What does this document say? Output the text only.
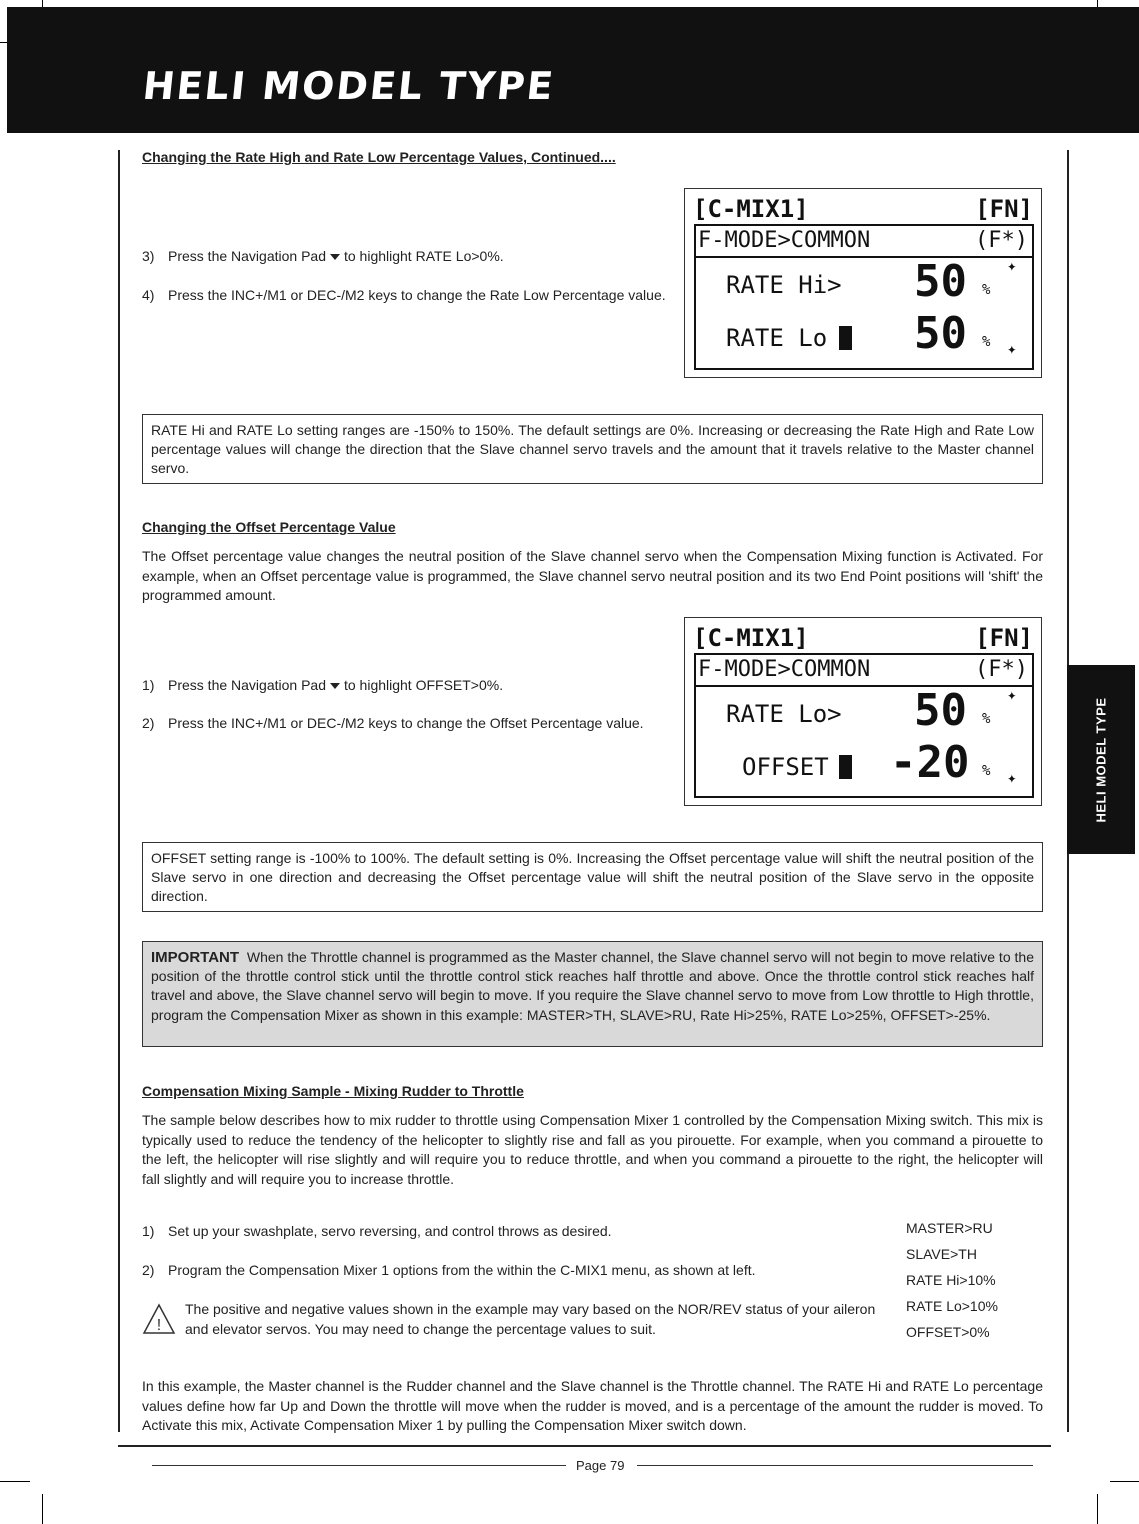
HELI MODEL TYPE
HELI MODEL TYPE
Changing the Rate High and Rate Low Percentage Values, Continued....
3) Press the Navigation Pad to highlight RATE Lo>0%.
4) Press the INC+/M1 or DEC-/M2 keys to change the Rate Low Percentage value.
[C-MIX1]	[FN]
F-MODE>COMMON	(F*)
RATE Hi> 50 %
✦
RATE Lo 50 % ✦
RATE Hi and RATE Lo setting ranges are -150% to 150%. The default settings are 0%. Increasing or decreasing the Rate High and Rate Low percentage values will change the direction that the Slave channel servo travels and the amount that it travels relative to the Master channel servo.
Changing the Offset Percentage Value
The Offset percentage value changes the neutral position of the Slave channel servo when the Compensation Mixing function is Activated. For example, when an Offset percentage value is programmed, the Slave channel servo neutral position and its two End Point positions will 'shift' the programmed amount.
1) Press the Navigation Pad to highlight OFFSET>0%.
2) Press the INC+/M1 or DEC-/M2 keys to change the Offset Percentage value.
[C-MIX1]	[FN]
F-MODE>COMMON	(F*)
RATE Lo> 50 %
✦
OFFSET -20 % ✦
OFFSET setting range is -100% to 100%. The default setting is 0%. Increasing the Offset percentage value will shift the neutral position of the Slave servo in one direction and decreasing the Offset percentage value will shift the neutral position of the Slave servo in the opposite direction.
IMPORTANT When the Throttle channel is programmed as the Master channel, the Slave channel servo will not begin to move relative to the position of the throttle control stick until the throttle control stick reaches half throttle and above. Once the throttle control stick reaches half travel and above, the Slave channel servo will begin to move. If you require the Slave channel servo to move from Low throttle to High throttle, program the Compensation Mixer as shown in this example: MASTER>TH, SLAVE>RU, Rate Hi>25%, RATE Lo>25%, OFFSET>-25%.
Compensation Mixing Sample - Mixing Rudder to Throttle
The sample below describes how to mix rudder to throttle using Compensation Mixer 1 controlled by the Compensation Mixing switch. This mix is typically used to reduce the tendency of the helicopter to slightly rise and fall as you pirouette. For example, when you command a pirouette to the left, the helicopter will rise slightly and will require you to reduce throttle, and when you command a pirouette to the right, the helicopter will fall slightly and will require you to increase throttle.
1) Set up your swashplate, servo reversing, and control throws as desired.
2) Program the Compensation Mixer 1 options from the within the C-MIX1 menu, as shown at left.
!
The positive and negative values shown in the example may vary based on the NOR/REV status of your aileron and elevator servos. You may need to change the percentage values to suit.
MASTER>RU
SLAVE>TH
RATE Hi>10%
RATE Lo>10%
OFFSET>0%
In this example, the Master channel is the Rudder channel and the Slave channel is the Throttle channel. The RATE Hi and RATE Lo percentage values define how far Up and Down the throttle will move when the rudder is moved, and is a percentage of the amount the rudder is moved. To Activate this mix, Activate Compensation Mixer 1 by pulling the Compensation Mixer switch down.
Page 79
